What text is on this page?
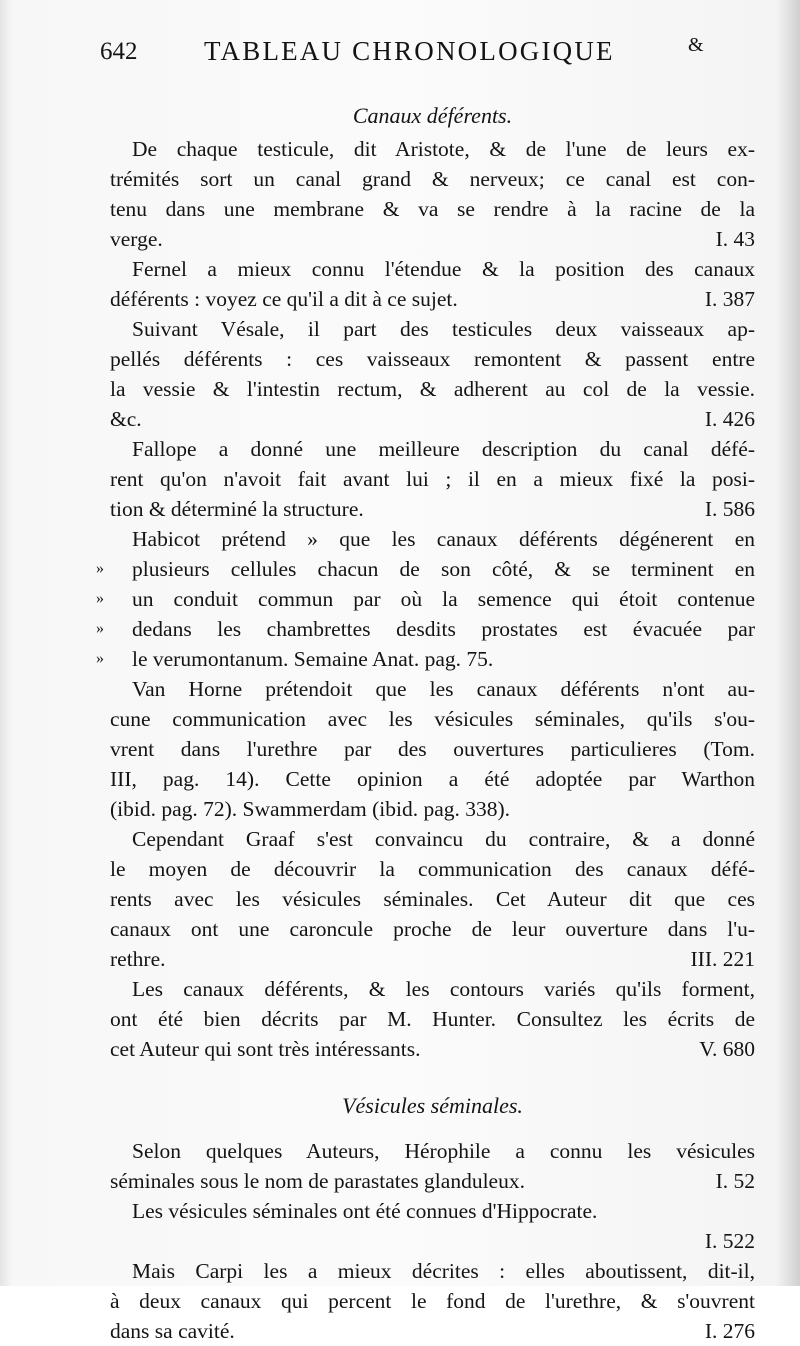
642 TABLEAU CHRONOLOGIQUE	&
Canaux déférents.
De chaque testicule, dit Aristote, & de l'une de leurs ex-
trémités sort un canal grand & nerveux; ce canal est con-
tenu dans une membrane & va se rendre à la racine de la
I. 43
verge.
Fernel a mieux connu l'étendue & la position des canaux
I. 387
déférents : voyez ce qu'il a dit à ce sujet.
Suivant Vésale, il part des testicules deux vaisseaux ap-
pellés déférents : ces vaisseaux remontent & passent entre
la vessie & l'intestin rectum, & adherent au col de la vessie.
I. 426
&c.
Fallope a donné une meilleure description du canal défé-
rent qu'on n'avoit fait avant lui ; il en a mieux fixé la posi-
I. 586
tion & déterminé la structure.
Habicot prétend » que les canaux déférents dégénerent en
» plusieurs cellules chacun de son côté, & se terminent en
» un conduit commun par où la semence qui étoit contenue
» dedans les chambrettes desdits prostates est évacuée par
» le verumontanum. Semaine Anat. pag. 75.
Van Horne prétendoit que les canaux déférents n'ont au-
cune communication avec les vésicules séminales, qu'ils s'ou-
vrent dans l'urethre par des ouvertures particulieres (Tom.
III, pag. 14). Cette opinion a été adoptée par Warthon
(ibid. pag. 72). Swammerdam (ibid. pag. 338).
Cependant Graaf s'est convaincu du contraire, & a donné
le moyen de découvrir la communication des canaux défé-
rents avec les vésicules séminales. Cet Auteur dit que ces
canaux ont une caroncule proche de leur ouverture dans l'u-
III. 221
rethre.
Les canaux déférents, & les contours variés qu'ils forment,
ont été bien décrits par M. Hunter. Consultez les écrits de
V. 680
cet Auteur qui sont très intéressants.
Vésicules séminales.
Selon quelques Auteurs, Hérophile a connu les vésicules
I. 52
séminales sous le nom de parastates glanduleux.
Les vésicules séminales ont été connues d'Hippocrate.
I. 522
Mais Carpi les a mieux décrites : elles aboutissent, dit-il,
à deux canaux qui percent le fond de l'urethre, & s'ouvrent
I. 276
dans sa cavité.
